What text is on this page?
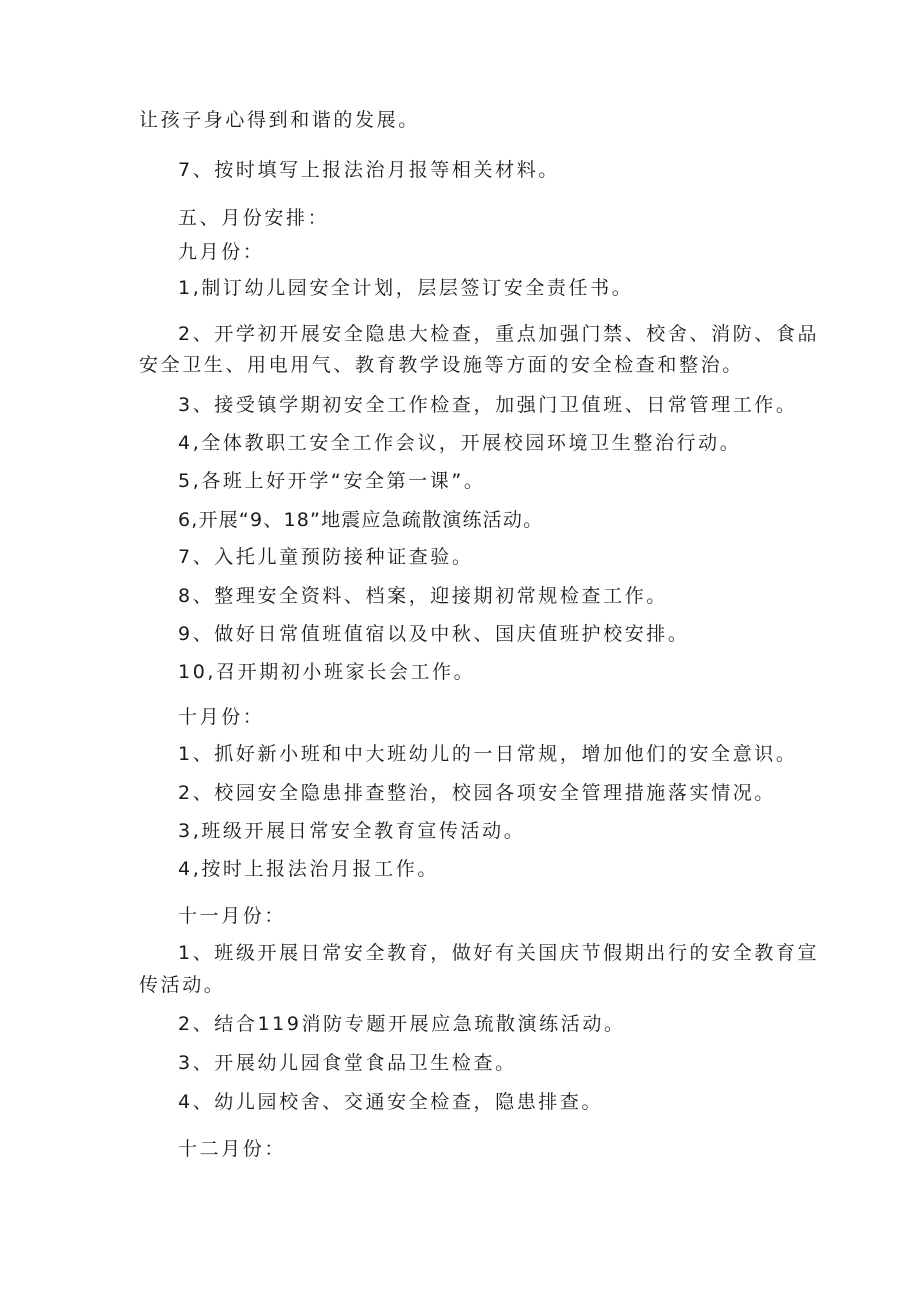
让孩子身心得到和谐的发展。
7、按时填写上报法治月报等相关材料。
五、月份安排：
九月份：
1,制订幼儿园安全计划，层层签订安全责任书。
2、开学初开展安全隐患大检查，重点加强门禁、校舍、消防、食品
安全卫生、用电用气、教育教学设施等方面的安全检查和整治。
3、接受镇学期初安全工作检查，加强门卫值班、日常管理工作。
4,全体教职工安全工作会议，开展校园环境卫生整治行动。
5,各班上好开学“安全第一课”。
6,开展“9、18”地震应急疏散演练活动。
7、入托儿童预防接种证查验。
8、整理安全资料、档案，迎接期初常规检查工作。
9、做好日常值班值宿以及中秋、国庆值班护校安排。
10,召开期初小班家长会工作。
十月份：
1、抓好新小班和中大班幼儿的一日常规，增加他们的安全意识。
2、校园安全隐患排查整治，校园各项安全管理措施落实情况。
3,班级开展日常安全教育宣传活动。
4,按时上报法治月报工作。
十一月份：
1、班级开展日常安全教育，做好有关国庆节假期出行的安全教育宣
传活动。
2、结合119消防专题开展应急琉散演练活动。
3、开展幼儿园食堂食品卫生检查。
4、幼儿园校舍、交通安全检查，隐患排查。
十二月份：
